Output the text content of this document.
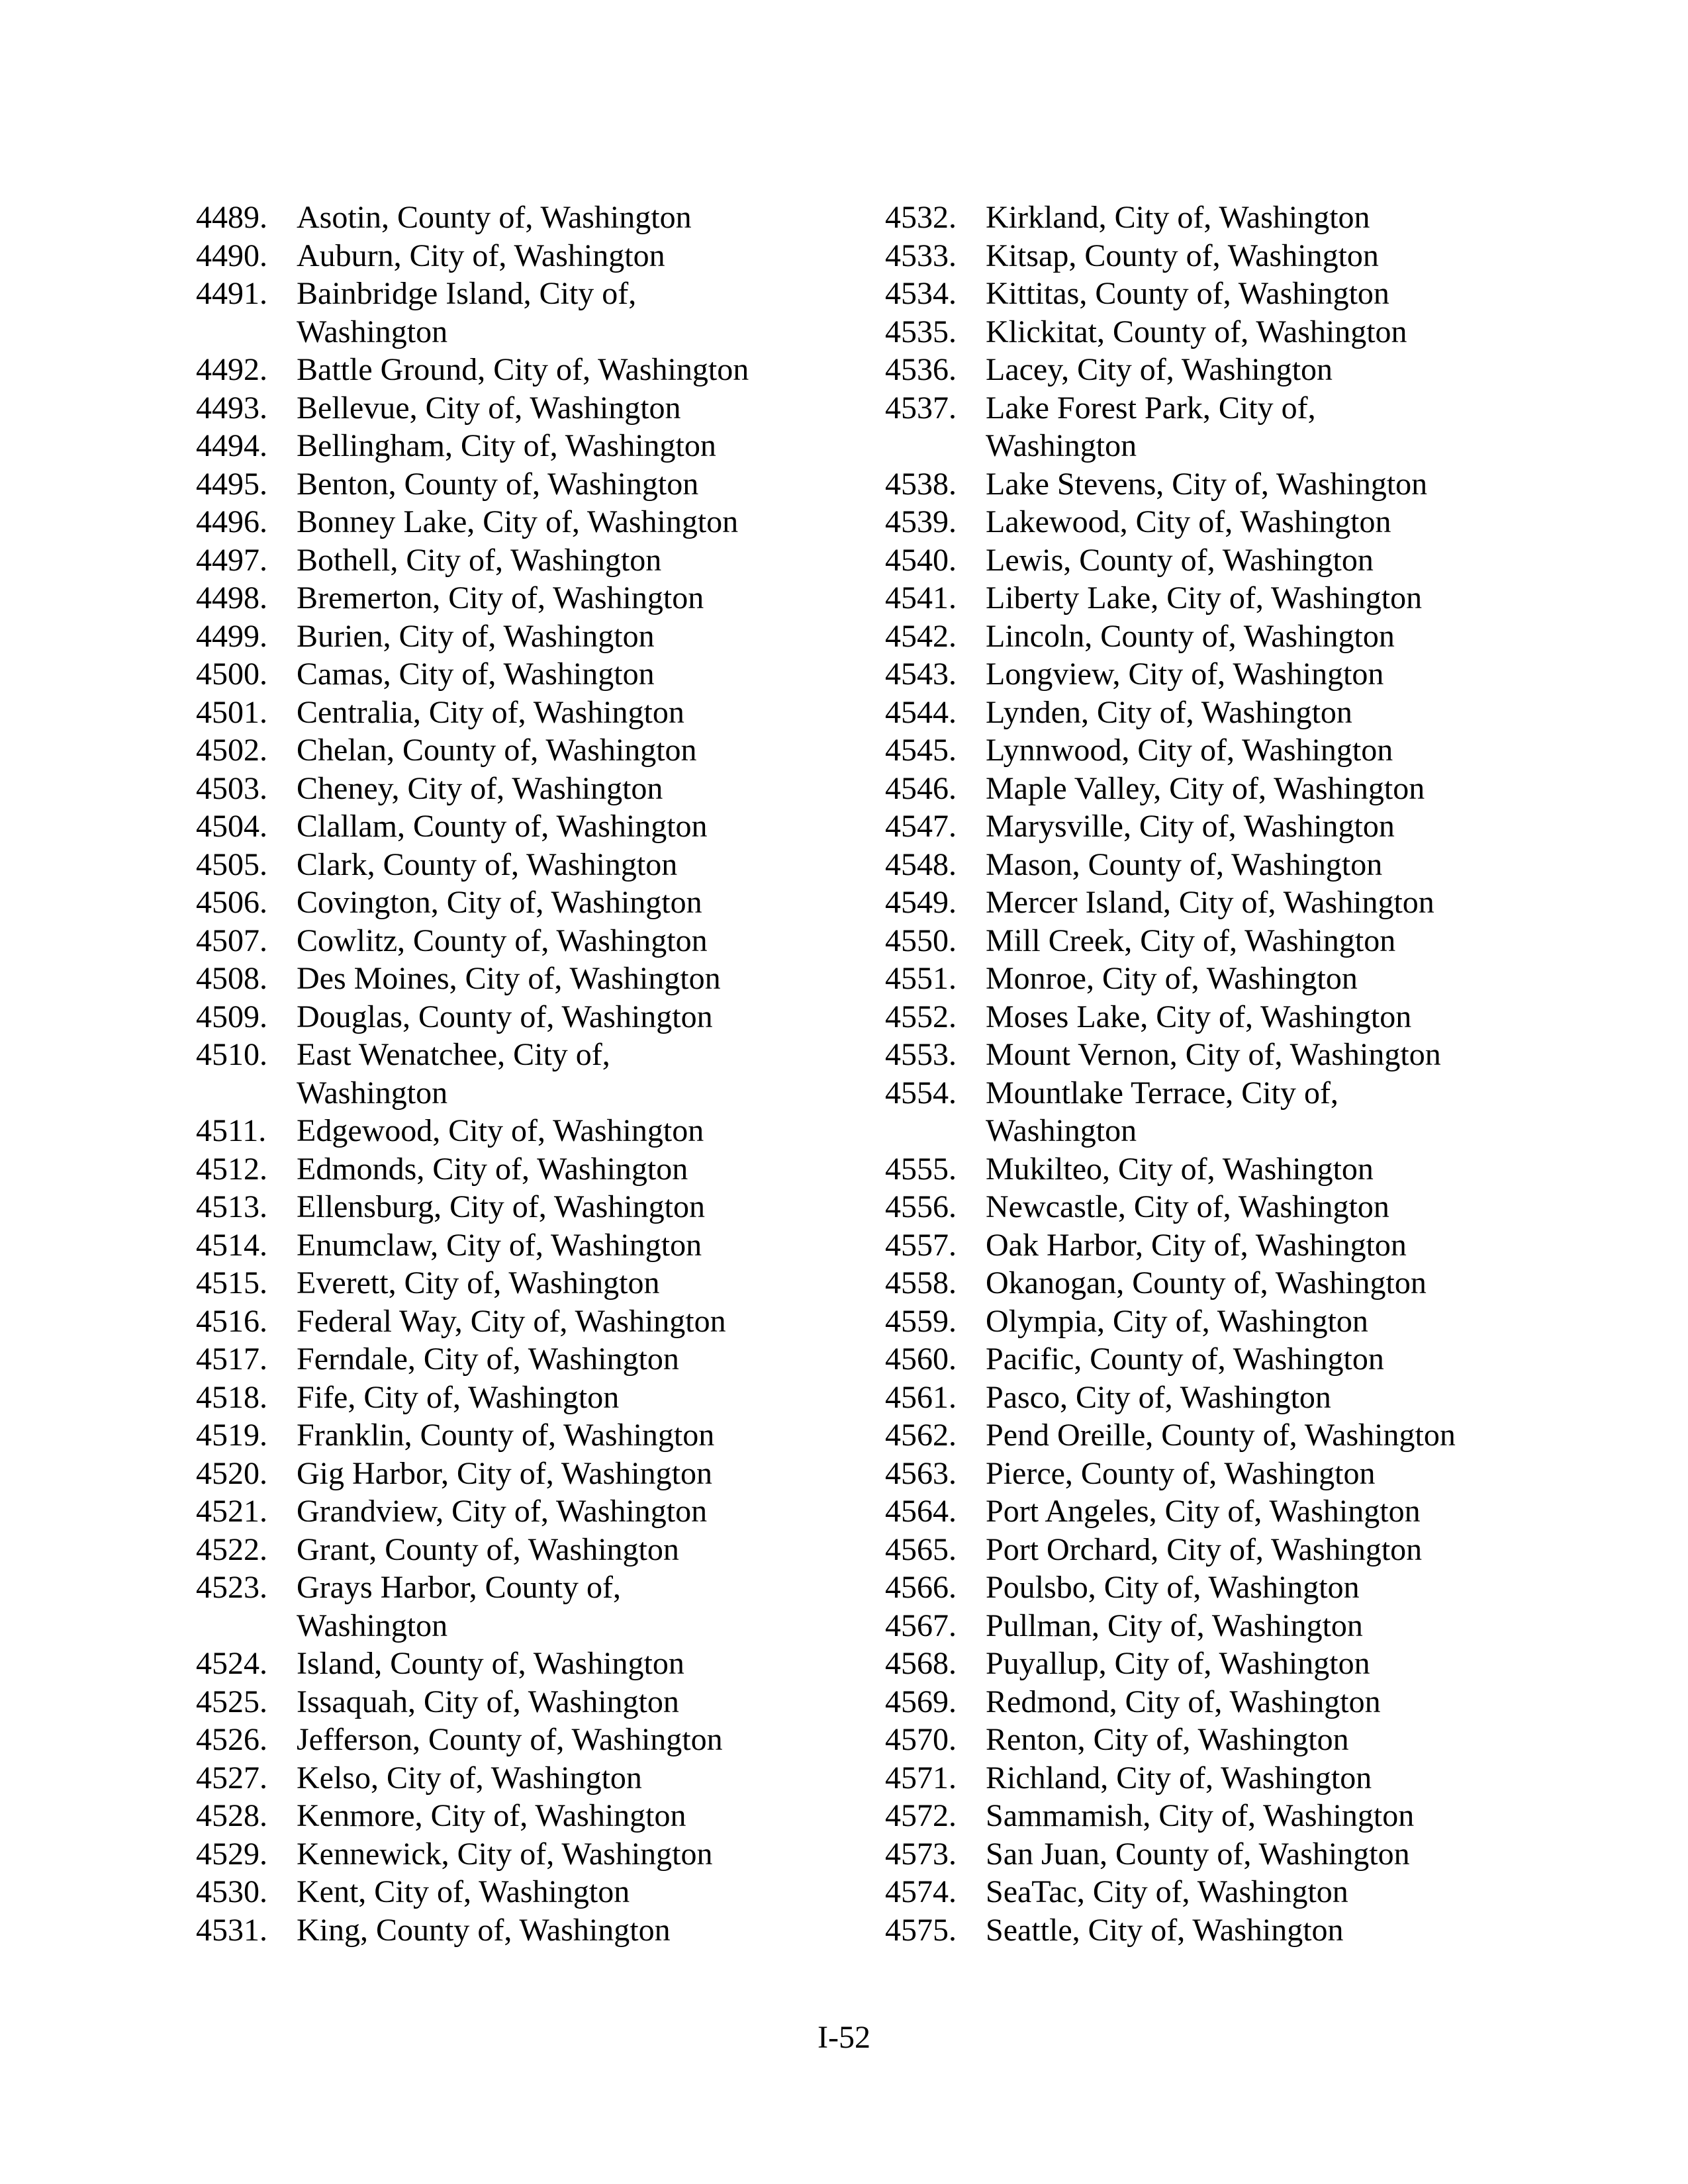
4489. Asotin, County of, Washington
4490. Auburn, City of, Washington
4491. Bainbridge Island, City of,
Washington
4492. Battle Ground, City of, Washington
4493. Bellevue, City of, Washington
4494. Bellingham, City of, Washington
4495. Benton, County of, Washington
4496. Bonney Lake, City of, Washington
4497. Bothell, City of, Washington
4498. Bremerton, City of, Washington
4499. Burien, City of, Washington
4500. Camas, City of, Washington
4501. Centralia, City of, Washington
4502. Chelan, County of, Washington
4503. Cheney, City of, Washington
4504. Clallam, County of, Washington
4505. Clark, County of, Washington
4506. Covington, City of, Washington
4507. Cowlitz, County of, Washington
4508. Des Moines, City of, Washington
4509. Douglas, County of, Washington
4510. East Wenatchee, City of,
Washington
4511. Edgewood, City of, Washington
4512. Edmonds, City of, Washington
4513. Ellensburg, City of, Washington
4514. Enumclaw, City of, Washington
4515. Everett, City of, Washington
4516. Federal Way, City of, Washington
4517. Ferndale, City of, Washington
4518. Fife, City of, Washington
4519. Franklin, County of, Washington
4520. Gig Harbor, City of, Washington
4521. Grandview, City of, Washington
4522. Grant, County of, Washington
4523. Grays Harbor, County of,
Washington
4524. Island, County of, Washington
4525. Issaquah, City of, Washington
4526. Jefferson, County of, Washington
4527. Kelso, City of, Washington
4528. Kenmore, City of, Washington
4529. Kennewick, City of, Washington
4530. Kent, City of, Washington
4531. King, County of, Washington
4532. Kirkland, City of, Washington
4533. Kitsap, County of, Washington
4534. Kittitas, County of, Washington
4535. Klickitat, County of, Washington
4536. Lacey, City of, Washington
4537. Lake Forest Park, City of,
Washington
4538. Lake Stevens, City of, Washington
4539. Lakewood, City of, Washington
4540. Lewis, County of, Washington
4541. Liberty Lake, City of, Washington
4542. Lincoln, County of, Washington
4543. Longview, City of, Washington
4544. Lynden, City of, Washington
4545. Lynnwood, City of, Washington
4546. Maple Valley, City of, Washington
4547. Marysville, City of, Washington
4548. Mason, County of, Washington
4549. Mercer Island, City of, Washington
4550. Mill Creek, City of, Washington
4551. Monroe, City of, Washington
4552. Moses Lake, City of, Washington
4553. Mount Vernon, City of, Washington
4554. Mountlake Terrace, City of,
Washington
4555. Mukilteo, City of, Washington
4556. Newcastle, City of, Washington
4557. Oak Harbor, City of, Washington
4558. Okanogan, County of, Washington
4559. Olympia, City of, Washington
4560. Pacific, County of, Washington
4561. Pasco, City of, Washington
4562. Pend Oreille, County of, Washington
4563. Pierce, County of, Washington
4564. Port Angeles, City of, Washington
4565. Port Orchard, City of, Washington
4566. Poulsbo, City of, Washington
4567. Pullman, City of, Washington
4568. Puyallup, City of, Washington
4569. Redmond, City of, Washington
4570. Renton, City of, Washington
4571. Richland, City of, Washington
4572. Sammamish, City of, Washington
4573. San Juan, County of, Washington
4574. SeaTac, City of, Washington
4575. Seattle, City of, Washington
I-52
